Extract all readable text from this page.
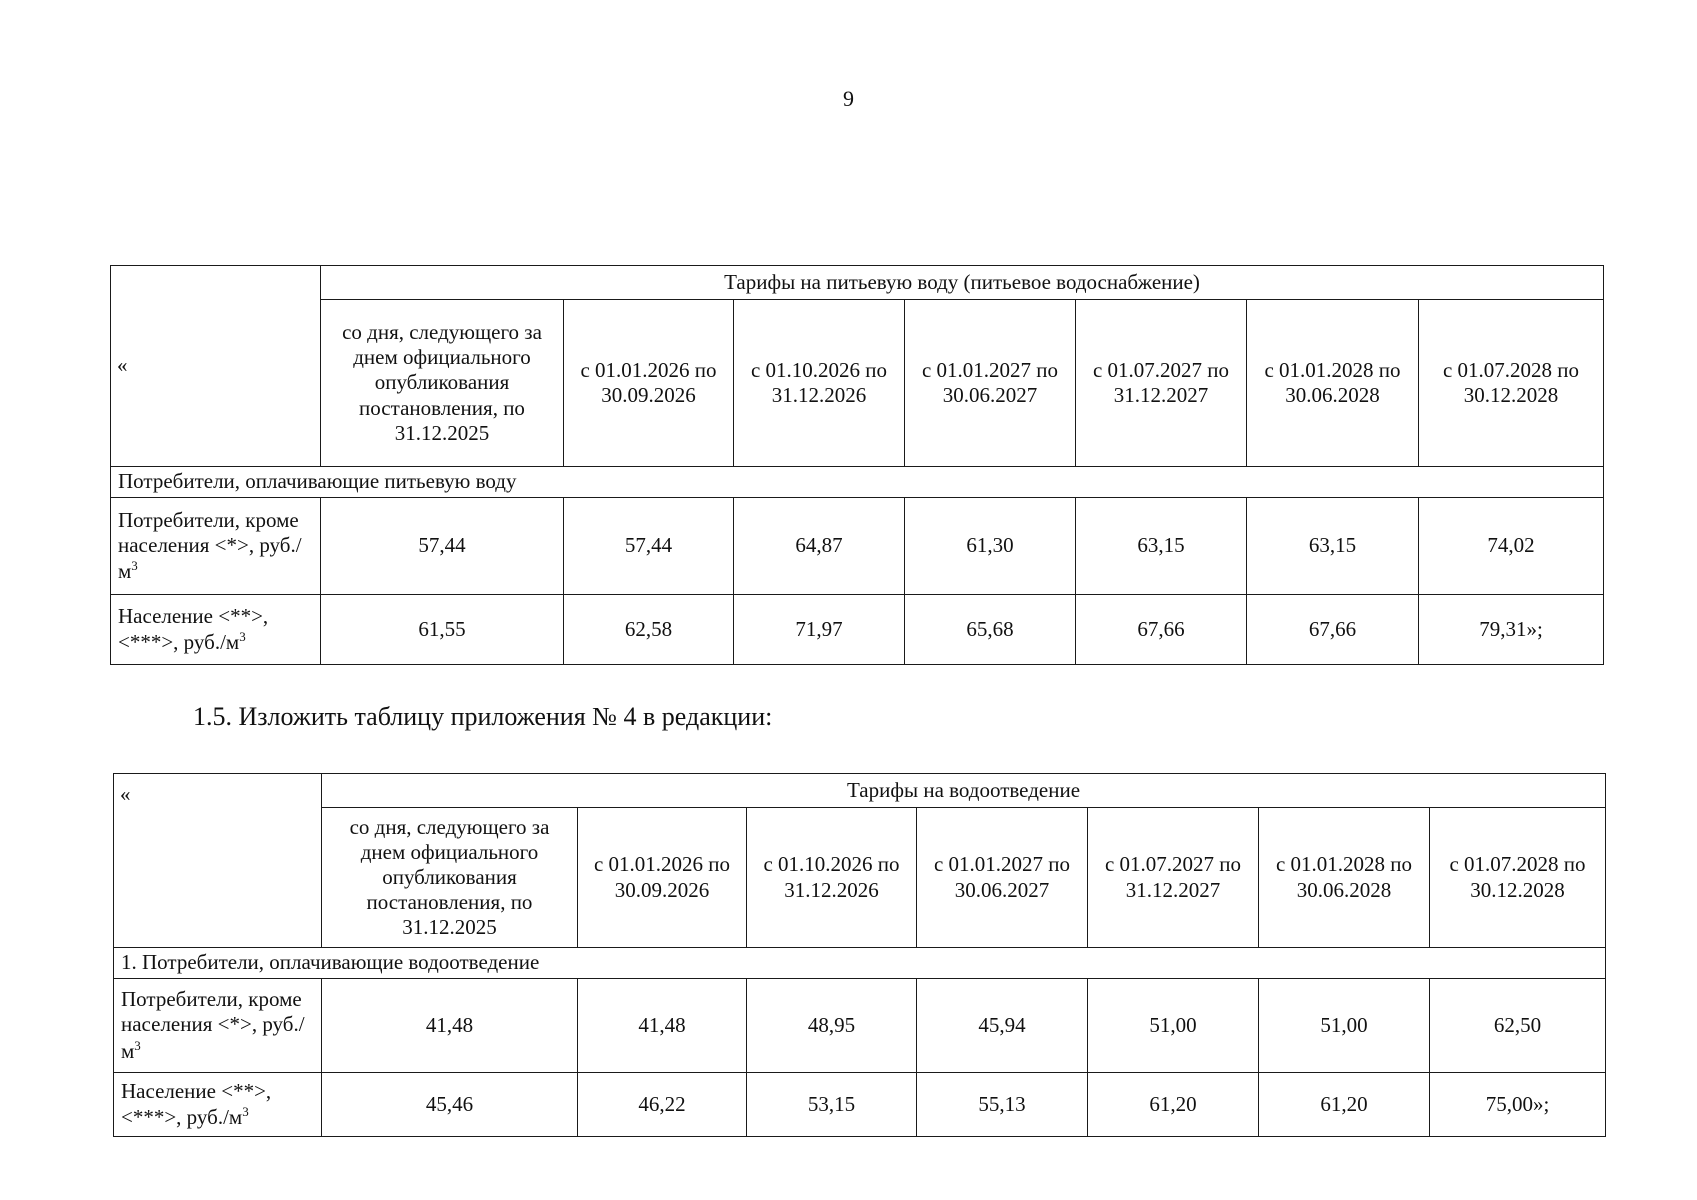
9
«	Тарифы на питьевую воду (питьевое водоснабжение)						
	со дня, следующего за днем официального опубликования постановления, по 31.12.2025	с 01.01.2026 по 30.09.2026	с 01.10.2026 по 31.12.2026	с 01.01.2027 по 30.06.2027	с 01.07.2027 по 31.12.2027	с 01.01.2028 по 30.06.2028	с 01.07.2028 по 30.12.2028
Потребители, оплачивающие питьевую воду							
Потребители, кроме населения <*>, $руб./м^3$	57,44	57,44	64,87	61,30	63,15	63,15	74,02
Население <**>, <***>, $руб./м^3$	61,55	62,58	71,97	65,68	67,66	67,66	79,31»;
1.5. Изложить таблицу приложения № 4 в редакции:
«	Тарифы на водоотведение						
	со дня, следующего за днем официального опубликования постановления, по 31.12.2025	с 01.01.2026 по 30.09.2026	с 01.10.2026 по 31.12.2026	с 01.01.2027 по 30.06.2027	с 01.07.2027 по 31.12.2027	с 01.01.2028 по 30.06.2028	с 01.07.2028 по 30.12.2028
1. Потребители, оплачивающие водоотведение							
Потребители, кроме населения <*>, $руб./м^3$	41,48	41,48	48,95	45,94	51,00	51,00	62,50
Население <**>, <***>, $руб./м^3$	45,46	46,22	53,15	55,13	61,20	61,20	75,00»;
